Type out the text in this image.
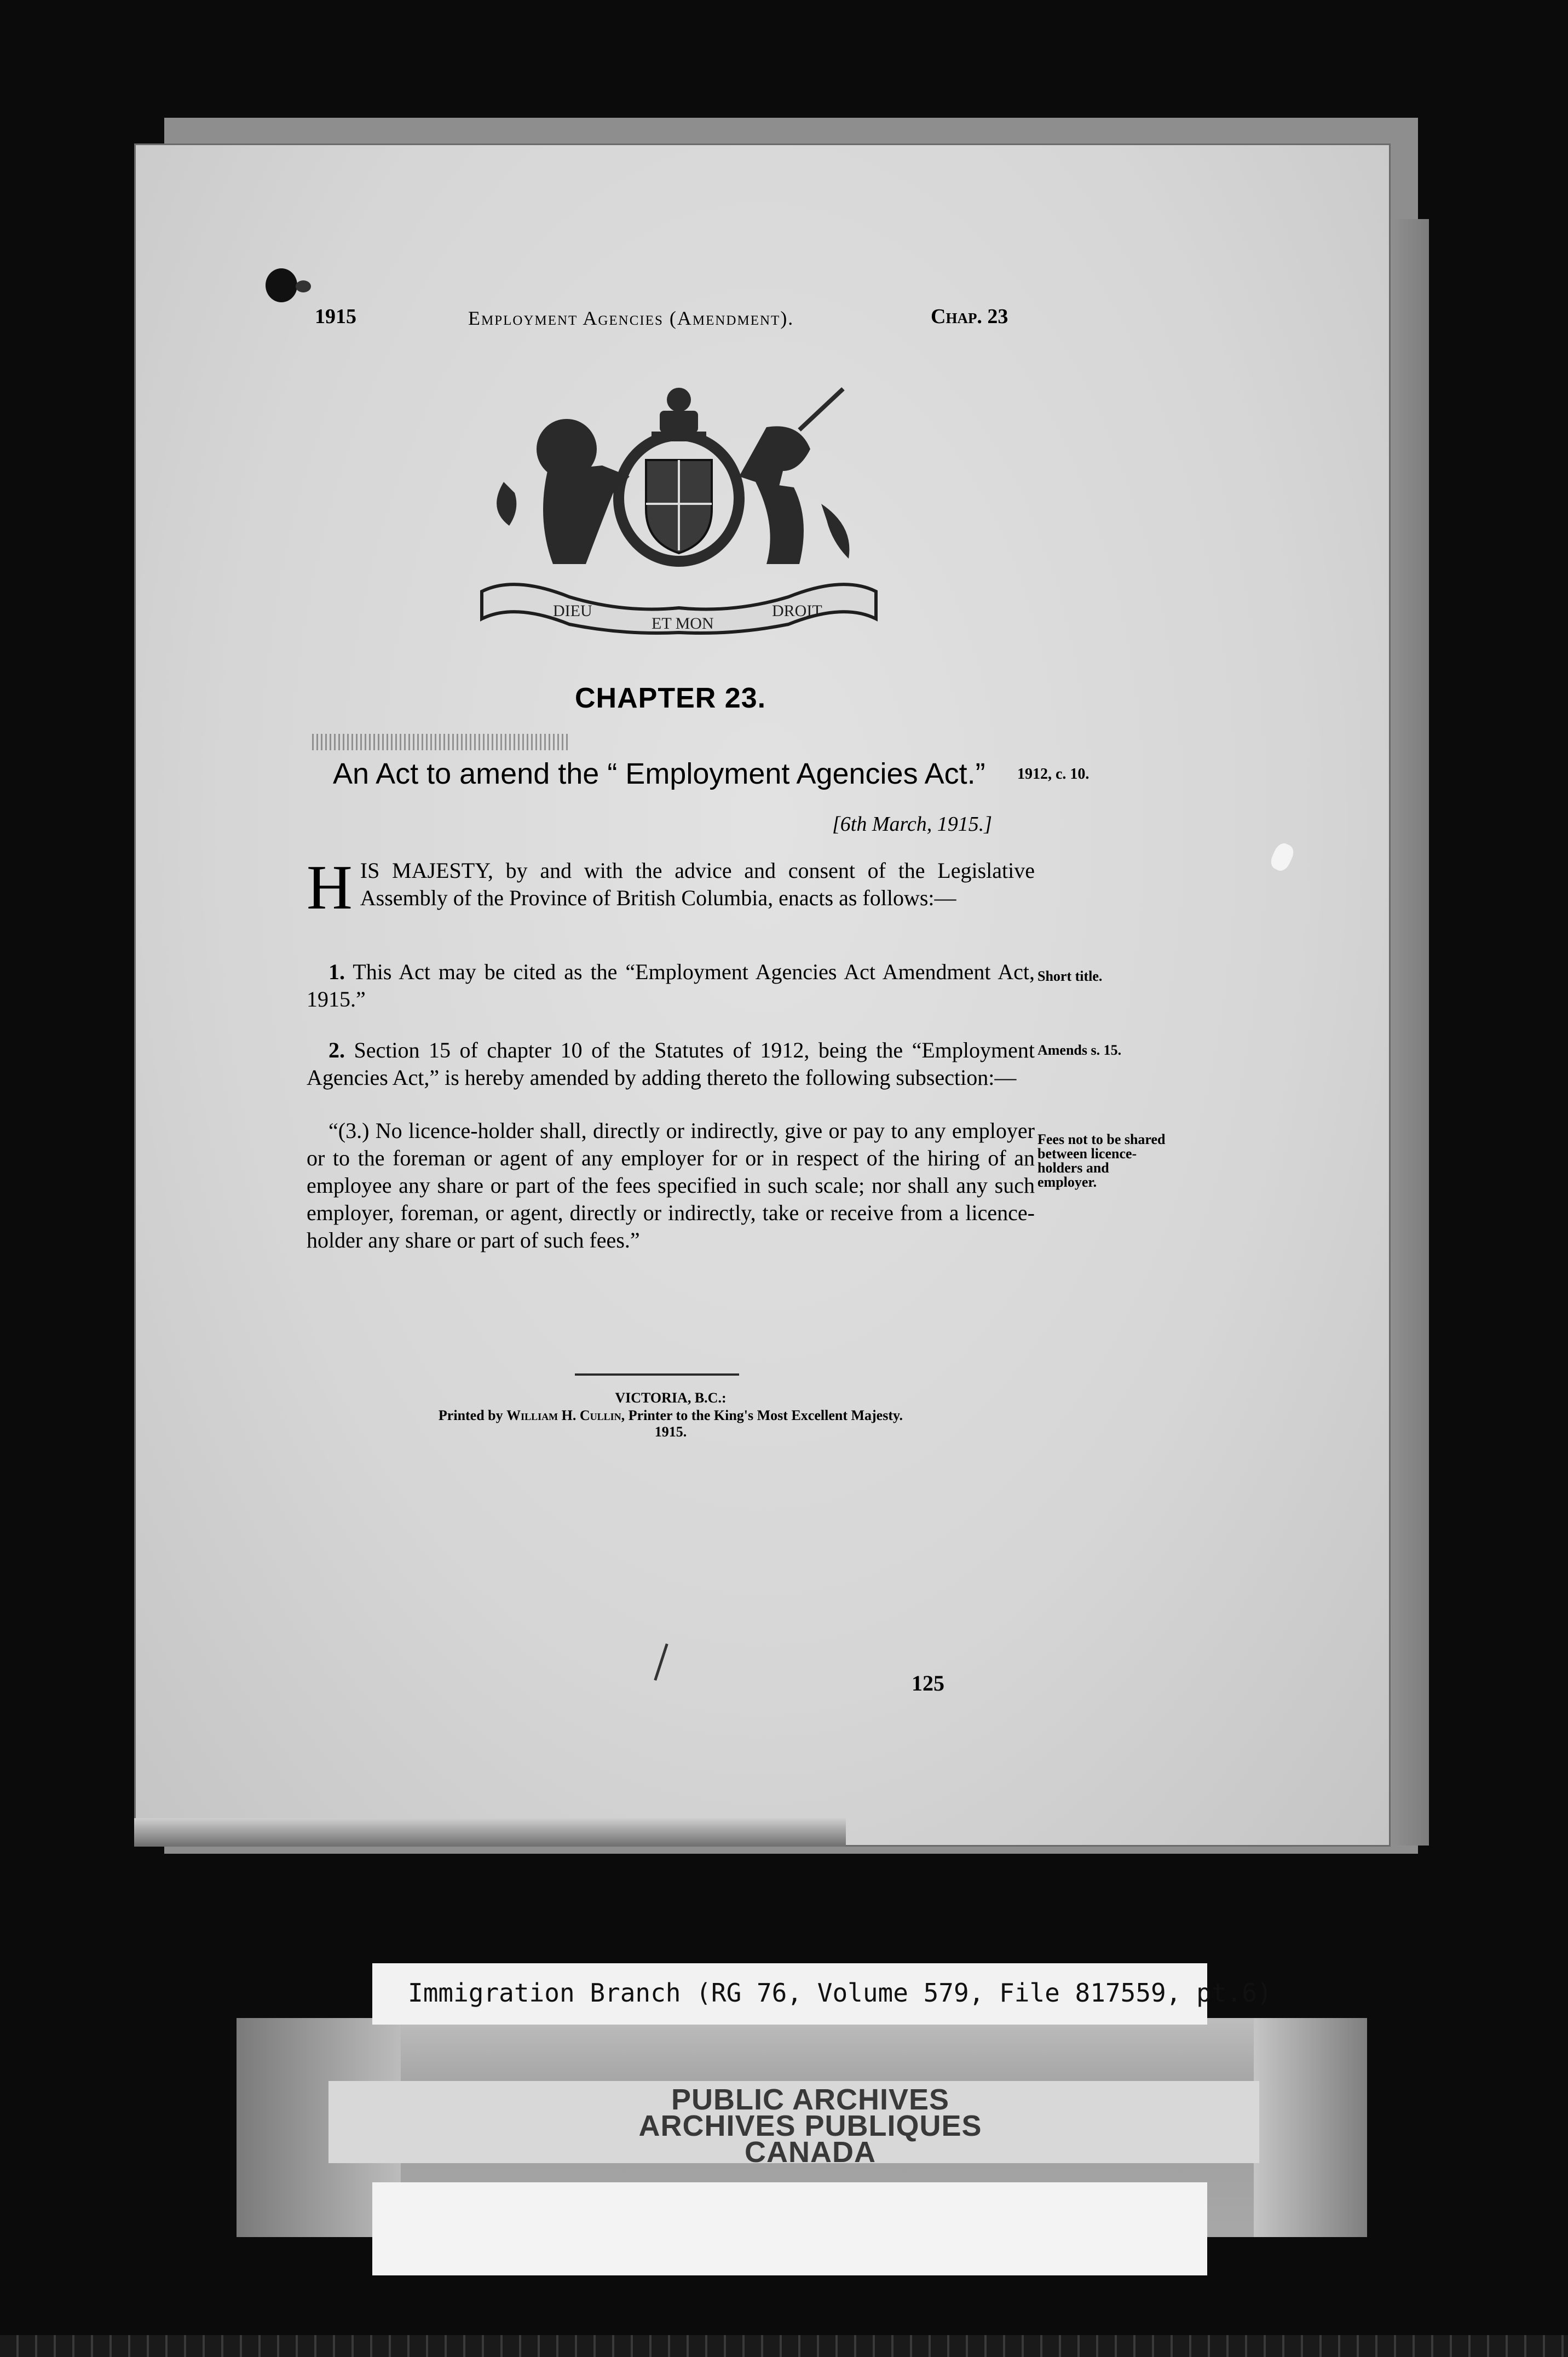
1915	Employment Agencies (Amendment).	Chap. 23
DIEU
ET MON
DROIT
CHAPTER 23.
An Act to amend the “ Employment Agencies Act.” 1912, c. 10.
[6th March, 1915.]
H IS MAJESTY, by and with the advice and consent of the Legislative Assembly of the Province of British Columbia, enacts as follows:—
1. This Act may be cited as the “Employment Agencies Act Amendment Act, 1915.”
Short title.
2. Section 15 of chapter 10 of the Statutes of 1912, being the “Employment Agencies Act,” is hereby amended by adding thereto the following subsection:—
Amends s. 15.
“(3.) No licence-holder shall, directly or indirectly, give or pay to any employer or to the foreman or agent of any employer for or in respect of the hiring of an employee any share or part of the fees specified in such scale; nor shall any such employer, foreman, or agent, directly or indirectly, take or receive from a licence-holder any share or part of such fees.”
Fees not to be shared between licence-holders and employer.
VICTORIA, B.C.:
Printed by William H. Cullin, Printer to the King's Most Excellent Majesty.
1915.
125
Immigration Branch (RG 76, Volume 579, File 817559, pt.6)
PUBLIC ARCHIVES
ARCHIVES PUBLIQUES
CANADA
